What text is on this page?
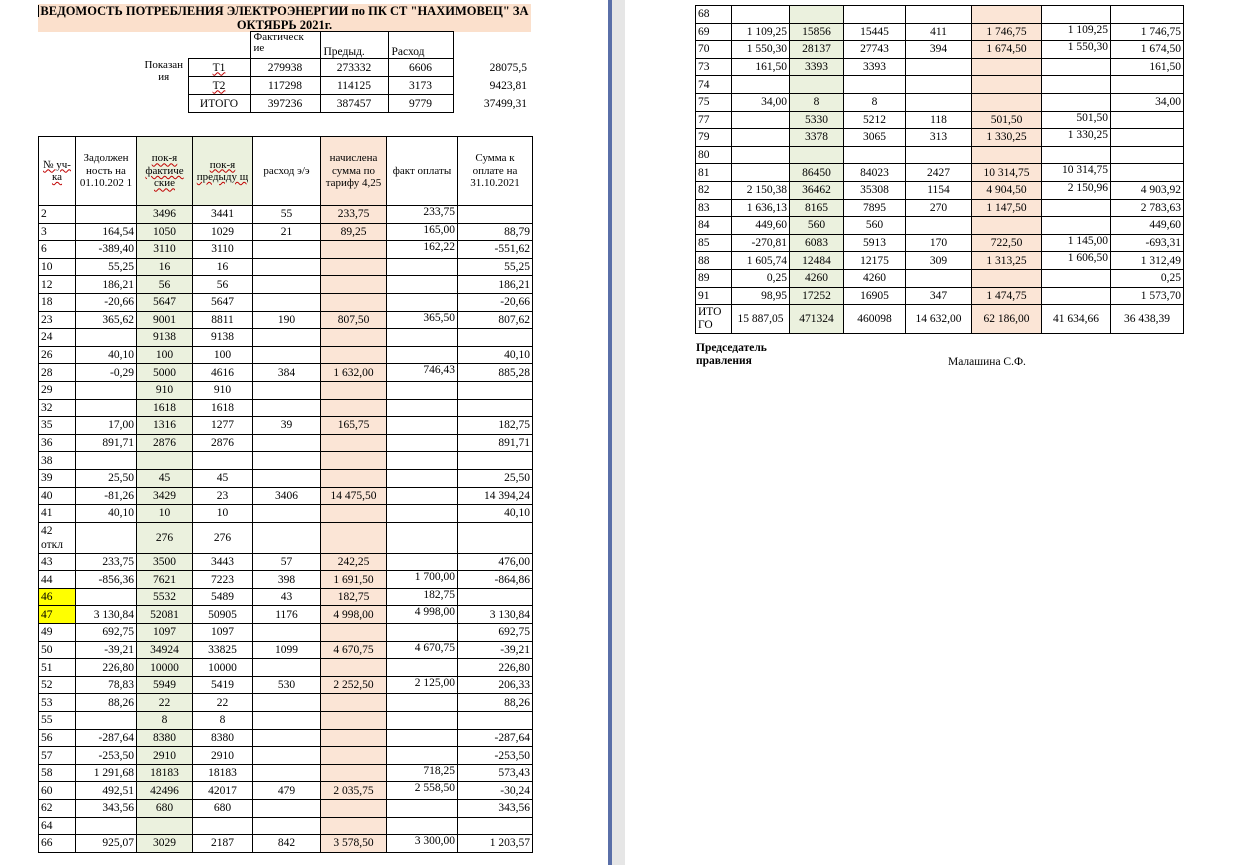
ВЕДОМОСТЬ ПОТРЕБЛЕНИЯ ЭЛЕКТРОЭНЕРГИИ по ПК СТ "НАХИМОВЕЦ" ЗА ОКТЯБРЬ 2021г.
		Фактическ ие	Предыд.	Расход	
Показан ия	Т1	279938	273332	6606	28075,5
	Т2	117298	114125	3173	9423,81
	ИТОГО	397236	387457	9779	37499,31
№ уч-ка	Задолжен ность на 01.10.202 1	пок-я фактиче ские	пок-я предыду щ	расход э/э	начислена сумма по тарифу 4,25	факт оплаты	Сумма к оплате на 31.10.2021
2		3496	3441	55	233,75	233,75	
3	164,54	1050	1029	21	89,25	165,00	88,79
6	-389,40	3110	3110			162,22	-551,62
10	55,25	16	16				55,25
12	186,21	56	56				186,21
18	-20,66	5647	5647				-20,66
23	365,62	9001	8811	190	807,50	365,50	807,62
24		9138	9138				
26	40,10	100	100				40,10
28	-0,29	5000	4616	384	1 632,00	746,43	885,28
29		910	910				
32		1618	1618				
35	17,00	1316	1277	39	165,75		182,75
36	891,71	2876	2876				891,71
38							
39	25,50	45	45				25,50
40	-81,26	3429	23	3406	14 475,50		14 394,24
41	40,10	10	10				40,10
42 откл		276	276				
43	233,75	3500	3443	57	242,25		476,00
44	-856,36	7621	7223	398	1 691,50	1 700,00	-864,86
46		5532	5489	43	182,75	182,75	
47	3 130,84	52081	50905	1176	4 998,00	4 998,00	3 130,84
49	692,75	1097	1097				692,75
50	-39,21	34924	33825	1099	4 670,75	4 670,75	-39,21
51	226,80	10000	10000				226,80
52	78,83	5949	5419	530	2 252,50	2 125,00	206,33
53	88,26	22	22				88,26
55		8	8				
56	-287,64	8380	8380				-287,64
57	-253,50	2910	2910				-253,50
58	1 291,68	18183	18183			718,25	573,43
60	492,51	42496	42017	479	2 035,75	2 558,50	-30,24
62	343,56	680	680				343,56
64							
66	925,07	3029	2187	842	3 578,50	3 300,00	1 203,57
68							
69	1 109,25	15856	15445	411	1 746,75	1 109,25	1 746,75
70	1 550,30	28137	27743	394	1 674,50	1 550,30	1 674,50
73	161,50	3393	3393				161,50
74							
75	34,00	8	8				34,00
77		5330	5212	118	501,50	501,50	
79		3378	3065	313	1 330,25	1 330,25	
80							
81		86450	84023	2427	10 314,75	10 314,75	
82	2 150,38	36462	35308	1154	4 904,50	2 150,96	4 903,92
83	1 636,13	8165	7895	270	1 147,50		2 783,63
84	449,60	560	560				449,60
85	-270,81	6083	5913	170	722,50	1 145,00	-693,31
88	1 605,74	12484	12175	309	1 313,25	1 606,50	1 312,49
89	0,25	4260	4260				0,25
91	98,95	17252	16905	347	1 474,75		1 573,70
ИТО ГО	15 887,05	471324	460098	14 632,00	62 186,00	41 634,66	36 438,39
Председатель правления	Малашина С.Ф.
